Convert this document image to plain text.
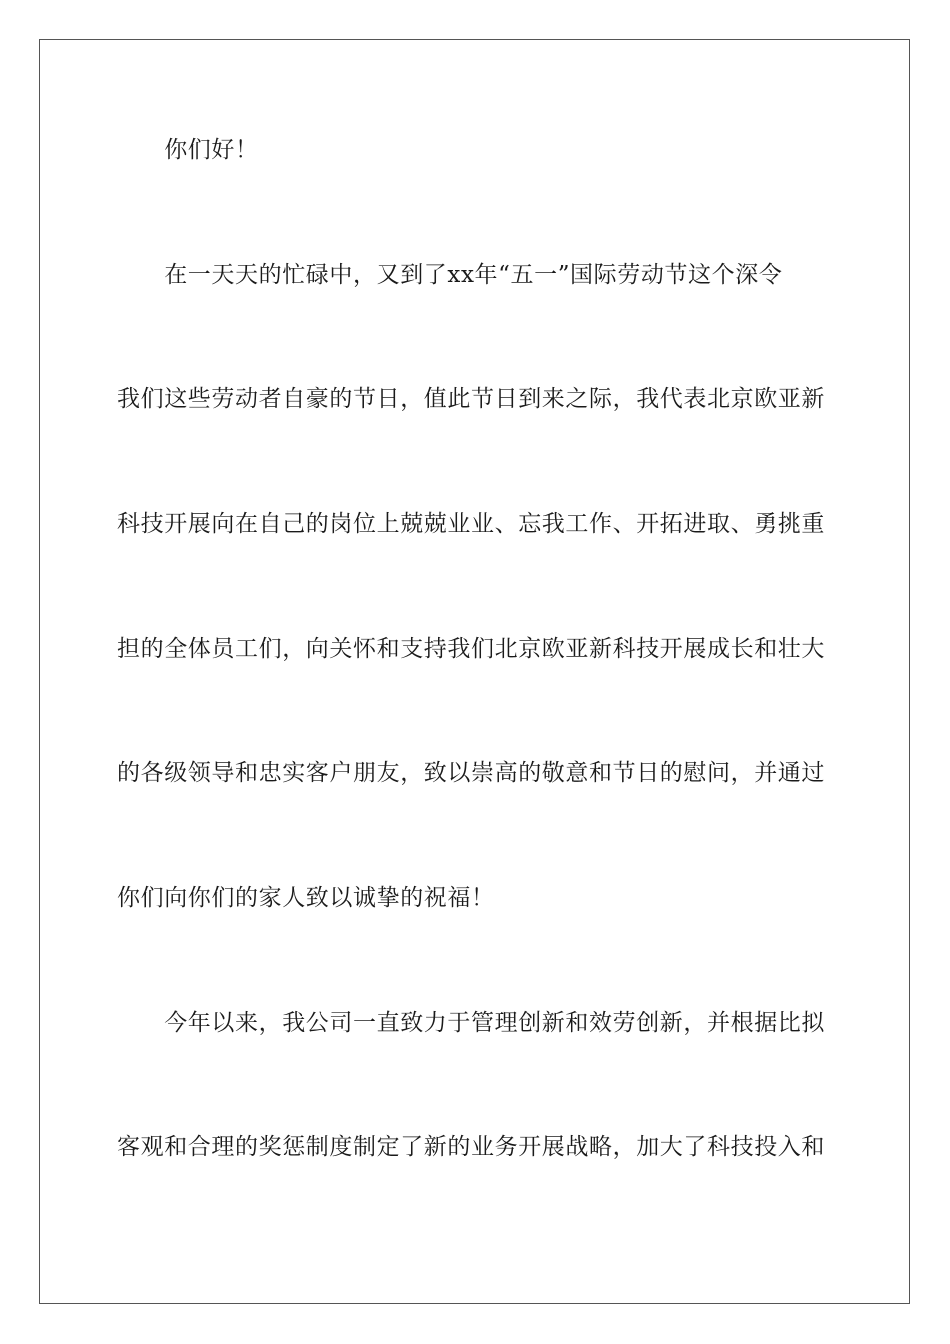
　　你们好！
　　在一天天的忙碌中，又到了xx年“五一”国际劳动节这个深令
我们这些劳动者自豪的节日，值此节日到来之际，我代表北京欧亚新
科技开展向在自己的岗位上兢兢业业、忘我工作、开拓进取、勇挑重
担的全体员工们，向关怀和支持我们北京欧亚新科技开展成长和壮大
的各级领导和忠实客户朋友，致以崇高的敬意和节日的慰问，并通过
你们向你们的家人致以诚挚的祝福！
　　今年以来，我公司一直致力于管理创新和效劳创新，并根据比拟
客观和合理的奖惩制度制定了新的业务开展战略，加大了科技投入和
